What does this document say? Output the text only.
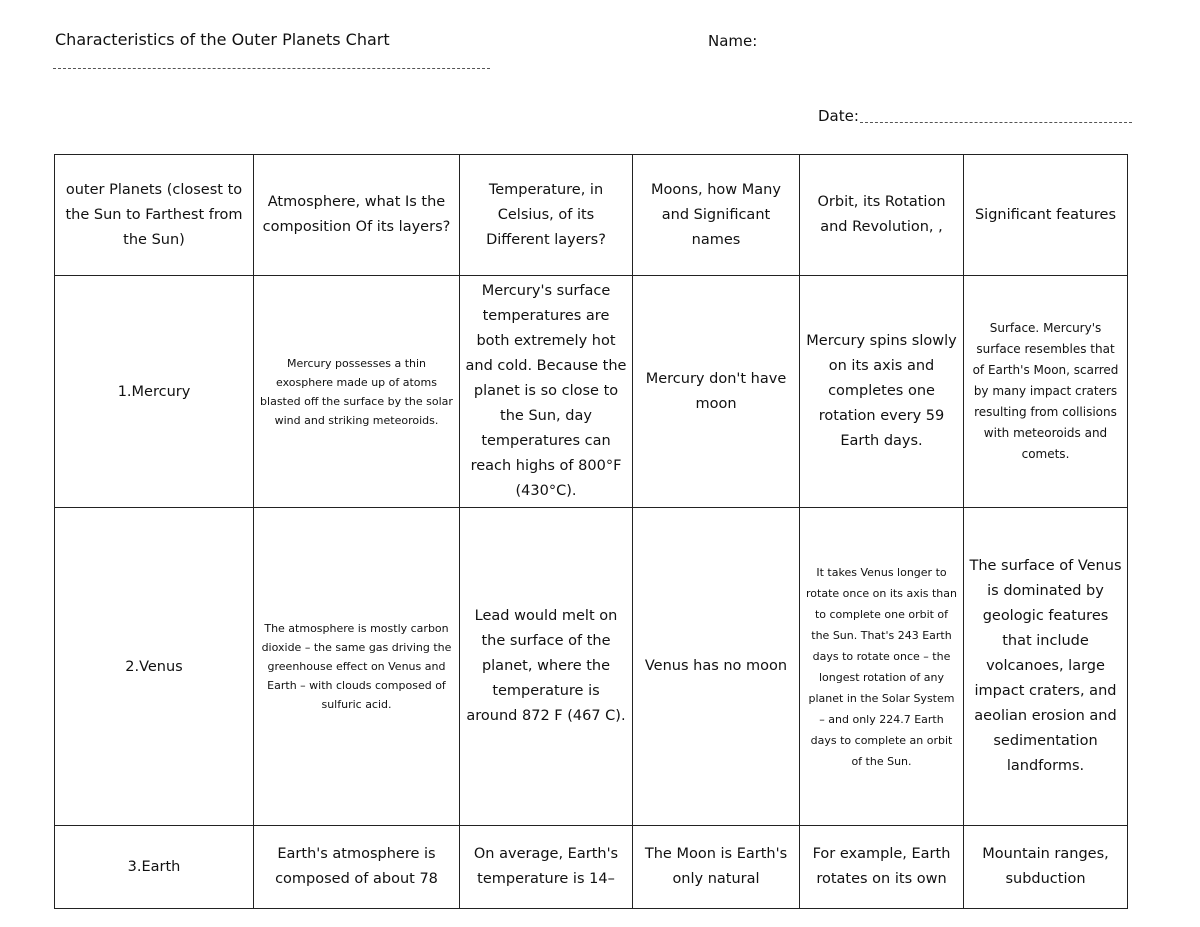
Characteristics of the Outer Planets Chart	Name:
Date:
outer Planets (closest to the Sun to Farthest from the Sun)	Atmosphere, what Is the composition Of its layers?	Temperature, in Celsius, of its Different layers?	Moons, how Many and Significant names	Orbit, its Rotation and Revolution, ,	Significant features
1.Mercury	Mercury possesses a thin exosphere made up of atoms blasted off the surface by the solar wind and striking meteoroids.	Mercury's surface temperatures are both extremely hot and cold. Because the planet is so close to the Sun, day temperatures can reach highs of 800°F (430°C).	Mercury don't have moon	Mercury spins slowly on its axis and completes one rotation every 59 Earth days.	Surface. Mercury's surface resembles that of Earth's Moon, scarred by many impact craters resulting from collisions with meteoroids and comets.
2.Venus	The atmosphere is mostly carbon dioxide – the same gas driving the greenhouse effect on Venus and Earth – with clouds composed of sulfuric acid.	Lead would melt on the surface of the planet, where the temperature is around 872 F (467 C).	Venus has no moon	It takes Venus longer to rotate once on its axis than to complete one orbit of the Sun. That's 243 Earth days to rotate once – the longest rotation of any planet in the Solar System – and only 224.7 Earth days to complete an orbit of the Sun.	The surface of Venus is dominated by geologic features that include volcanoes, large impact craters, and aeolian erosion and sedimentation landforms.
3.Earth	Earth's atmosphere is composed of about 78	On average, Earth's temperature is 14–	The Moon is Earth's only natural	For example, Earth rotates on its own	Mountain ranges, subduction
